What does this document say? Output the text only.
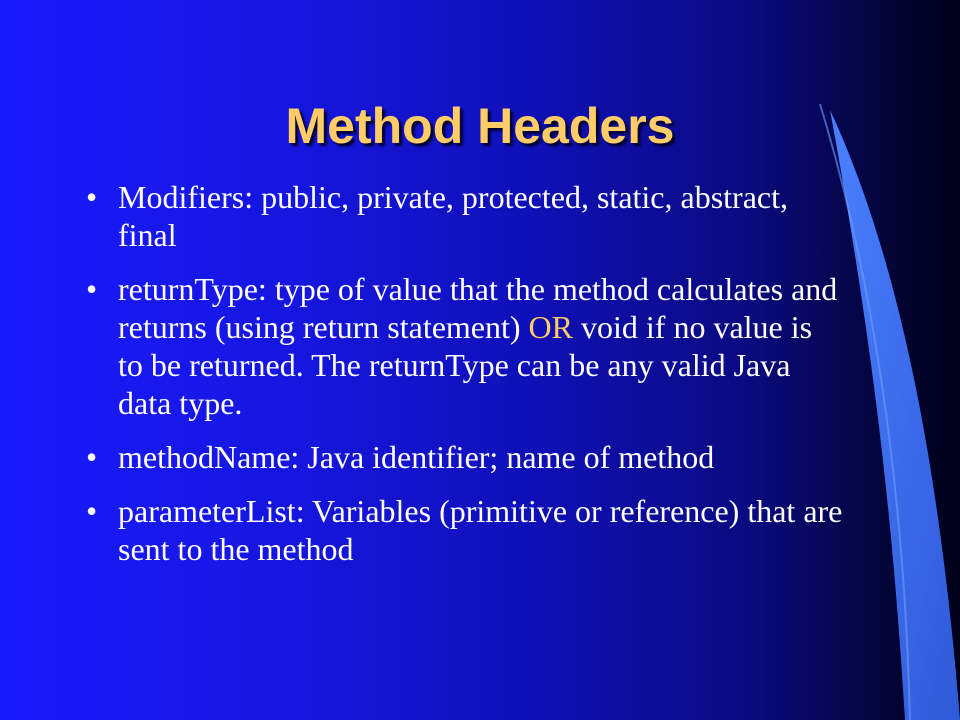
Method Headers
• Modifiers: public, private, protected, static, abstract, final
• returnType: type of value that the method calculates and returns (using return statement) OR void if no value is to be returned. The returnType can be any valid Java data type.
• methodName: Java identifier; name of method
• parameterList: Variables (primitive or reference) that are sent to the method
